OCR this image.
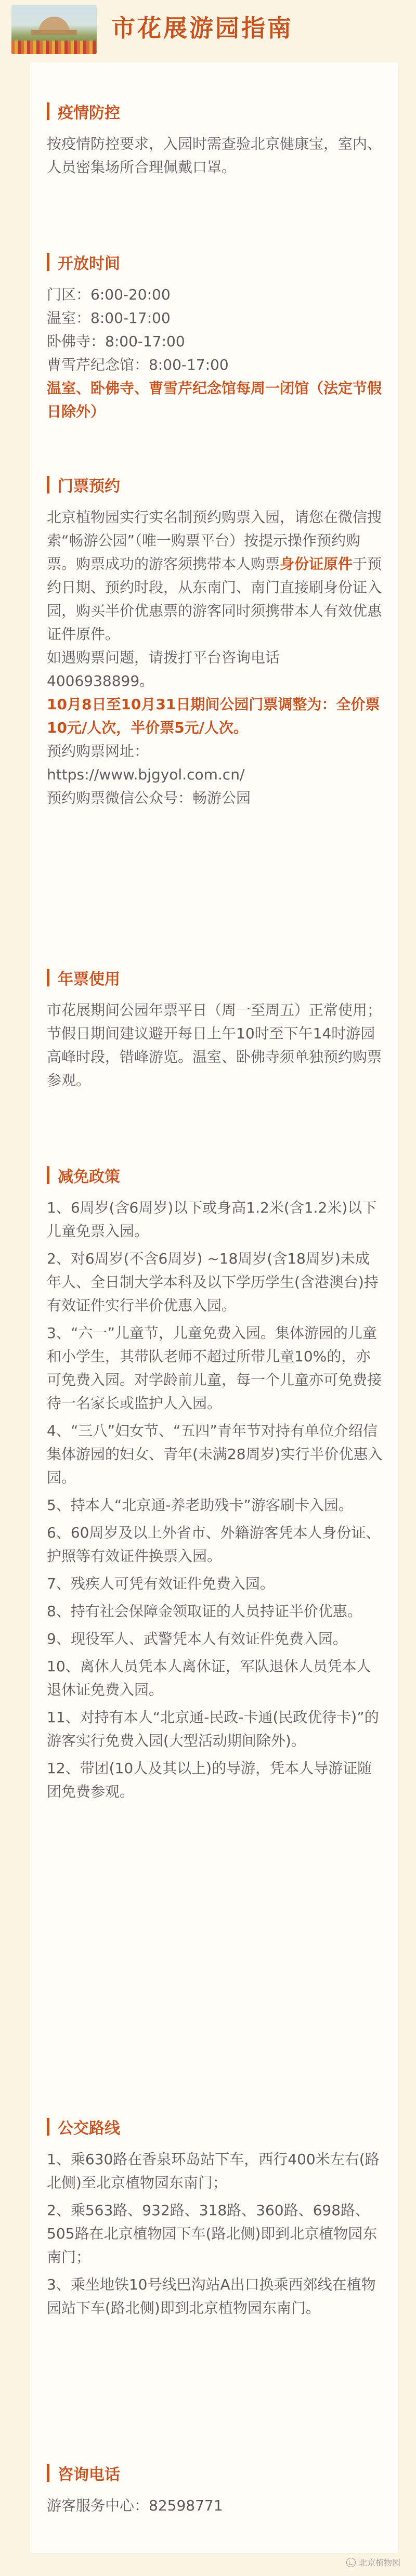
市花展游园指南
疫情防控

按疫情防控要求，入园时需查验北京健康宝，室内、人员密集场所合理佩戴口罩。

开放时间

门区：6:00-20:00

温室：8:00-17:00

卧佛寺：8:00-17:00

曹雪芹纪念馆：8:00-17:00

温室、卧佛寺、曹雪芹纪念馆每周一闭馆（法定节假日除外）

门票预约

北京植物园实行实名制预约购票入园，请您在微信搜索“畅游公园”（唯一购票平台）按提示操作预约购票。购票成功的游客须携带本人购票身份证原件于预约日期、预约时段，从东南门、南门直接刷身份证入园，购买半价优惠票的游客同时须携带本人有效优惠证件原件。

如遇购票问题，请拨打平台咨询电话4006938899。

10月8日至10月31日期间公园门票调整为：全价票10元/人次，半价票5元/人次。

预约购票网址：

https://www.bjgyol.com.cn/

预约购票微信公众号：畅游公园

年票使用

市花展期间公园年票平日（周一至周五）正常使用；节假日期间建议避开每日上午10时至下午14时游园高峰时段，错峰游览。温室、卧佛寺须单独预约购票参观。

减免政策

1、6周岁(含6周岁)以下或身高1.2米(含1.2米)以下儿童免票入园。

2、对6周岁(不含6周岁) ~18周岁(含18周岁)未成年人、全日制大学本科及以下学历学生(含港澳台)持有效证件实行半价优惠入园。

3、“六一”儿童节，儿童免费入园。集体游园的儿童和小学生，其带队老师不超过所带儿童10%的，亦可免费入园。对学龄前儿童，每一个儿童亦可免费接待一名家长或监护人入园。

4、“三八”妇女节、“五四”青年节对持有单位介绍信集体游园的妇女、青年(未满28周岁)实行半价优惠入园。

5、持本人“北京通-养老助残卡”游客刷卡入园。

6、60周岁及以上外省市、外籍游客凭本人身份证、护照等有效证件换票入园。

7、残疾人可凭有效证件免费入园。

8、持有社会保障金领取证的人员持证半价优惠。

9、现役军人、武警凭本人有效证件免费入园。

10、离休人员凭本人离休证，军队退休人员凭本人退休证免费入园。

11、对持有本人“北京通-民政-卡通(民政优待卡)”的游客实行免费入园(大型活动期间除外)。

12、带团(10人及其以上)的导游，凭本人导游证随团免费参观。

公交路线

1、乘630路在香泉环岛站下车，西行400米左右(路北侧)至北京植物园东南门；

2、乘563路、932路、318路、360路、698路、505路在北京植物园下车(路北侧)即到北京植物园东南门；

3、乘坐地铁10号线巴沟站A出口换乘西郊线在植物园站下车(路北侧)即到北京植物园东南门。

咨询电话

游客服务中心：82598771

北京植物园
